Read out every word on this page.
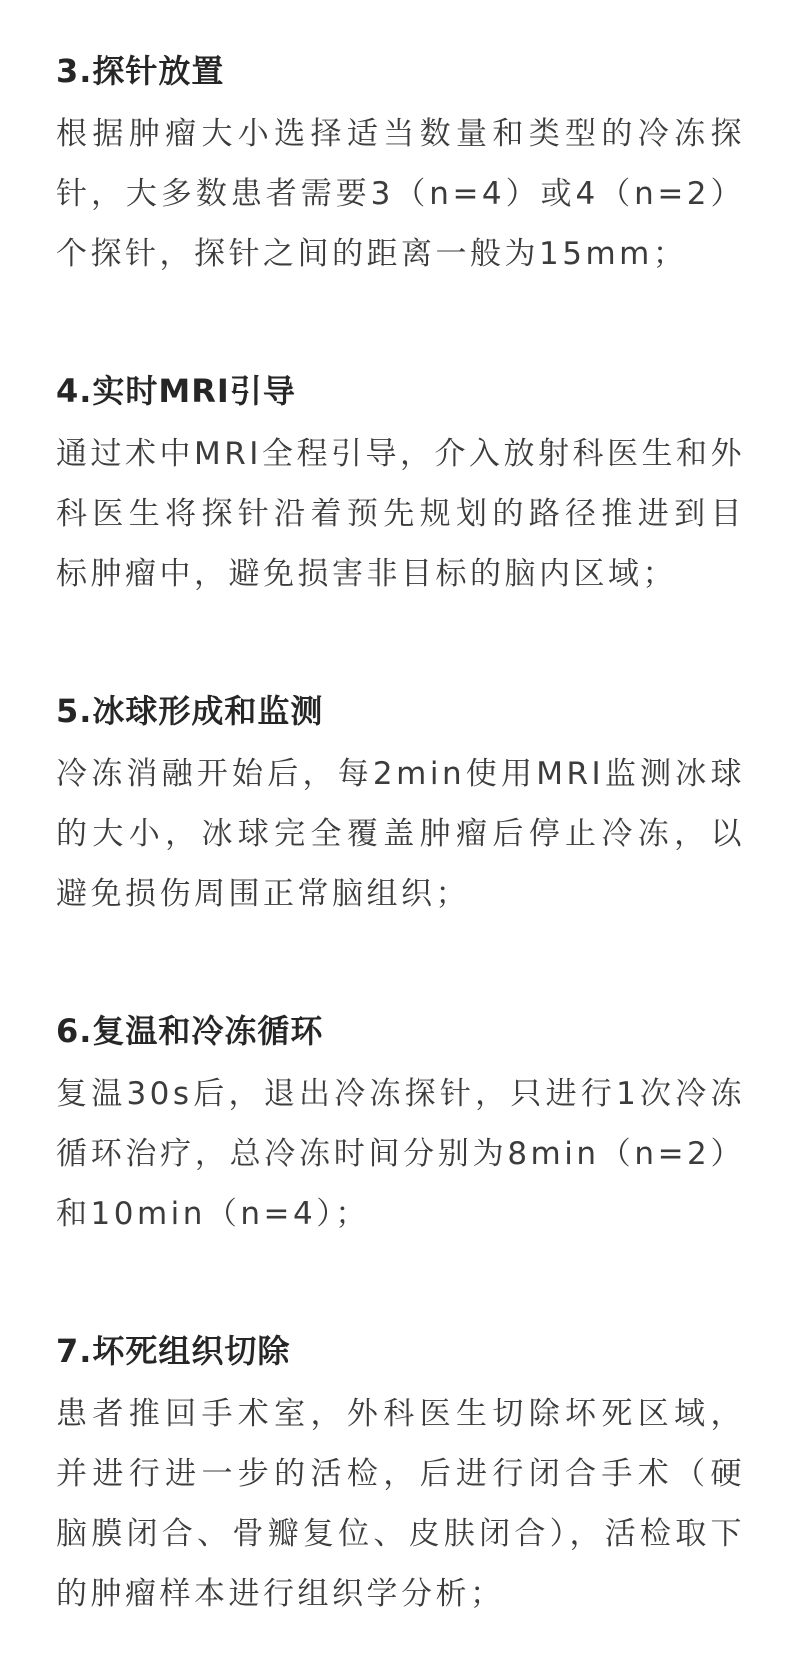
3.探针放置

根据肿瘤大小选择适当数量和类型的冷冻探针，大多数患者需要3（n=4）或4（n=2）个探针，探针之间的距离一般为15mm；

4.实时MRI引导

通过术中MRI全程引导，介入放射科医生和外科医生将探针沿着预先规划的路径推进到目标肿瘤中，避免损害非目标的脑内区域；

5.冰球形成和监测

冷冻消融开始后，每2min使用MRI监测冰球的大小，冰球完全覆盖肿瘤后停止冷冻，以避免损伤周围正常脑组织；

6.复温和冷冻循环

复温30s后，退出冷冻探针，只进行1次冷冻循环治疗，总冷冻时间分别为8min（n=2）和10min（n=4）；

7.坏死组织切除

患者推回手术室，外科医生切除坏死区域，并进行进一步的活检，后进行闭合手术（硬脑膜闭合、骨瓣复位、皮肤闭合），活检取下的肿瘤样本进行组织学分析；
